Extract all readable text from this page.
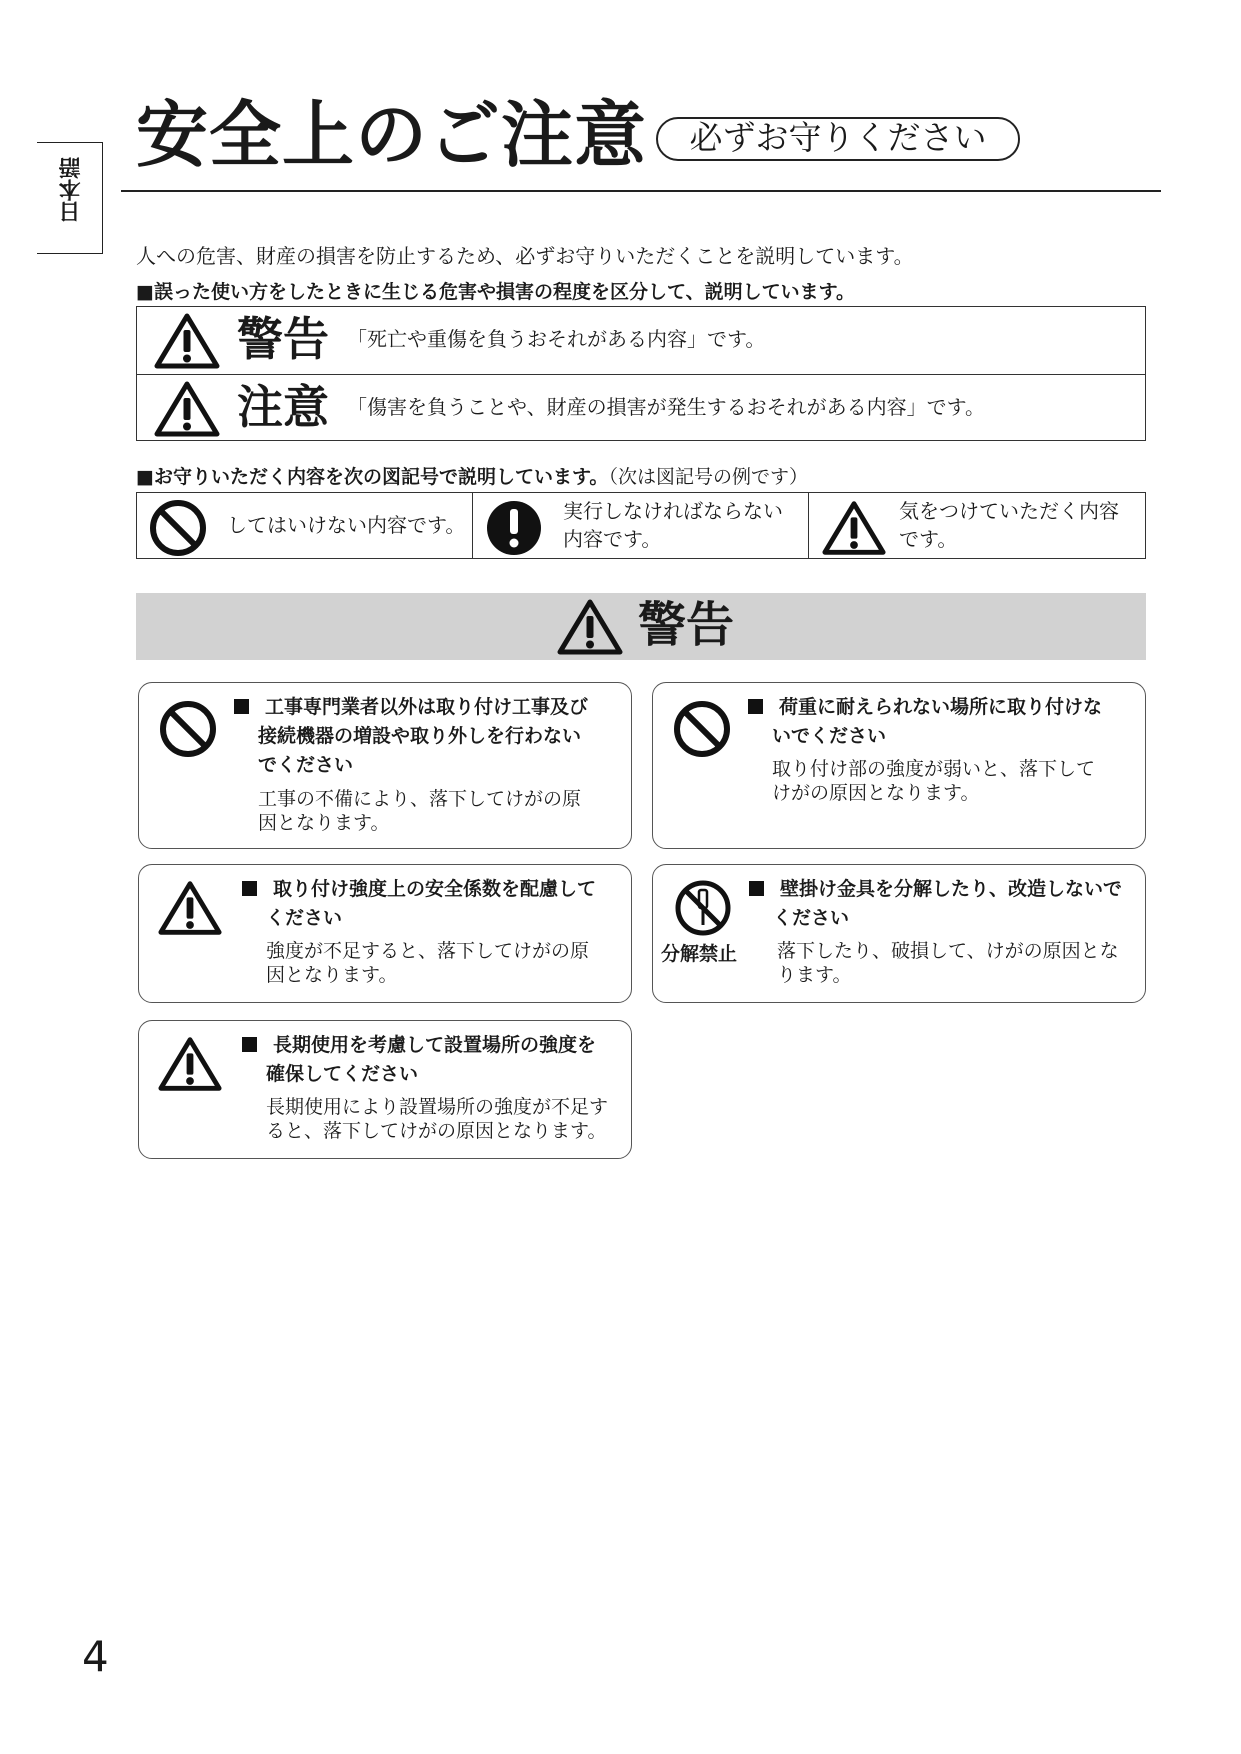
日本語
安全上のご注意	必ずお守りください
人への危害、財産の損害を防止するため、必ずお守りいただくことを説明しています。
■誤った使い方をしたときに生じる危害や損害の程度を区分して、説明しています。
警告 「死亡や重傷を負うおそれがある内容」です。
注意 「傷害を負うことや、財産の損害が発生するおそれがある内容」です。
■お守りいただく内容を次の図記号で説明しています。（次は図記号の例です）
してはいけない内容です。
実行しなければならない
内容です。
気をつけていただく内容
です。
警告
工事専門業者以外は取り付け工事及び
接続機器の増設や取り外しを行わない
でください
工事の不備により、落下してけがの原
因となります。
荷重に耐えられない場所に取り付けな
いでください
取り付け部の強度が弱いと、落下して
けがの原因となります。
取り付け強度上の安全係数を配慮して
ください
強度が不足すると、落下してけがの原
因となります。
分解禁止
壁掛け金具を分解したり、改造しないで
ください
落下したり、破損して、けがの原因とな
ります。
長期使用を考慮して設置場所の強度を
確保してください
長期使用により設置場所の強度が不足す
ると、落下してけがの原因となります。
4
